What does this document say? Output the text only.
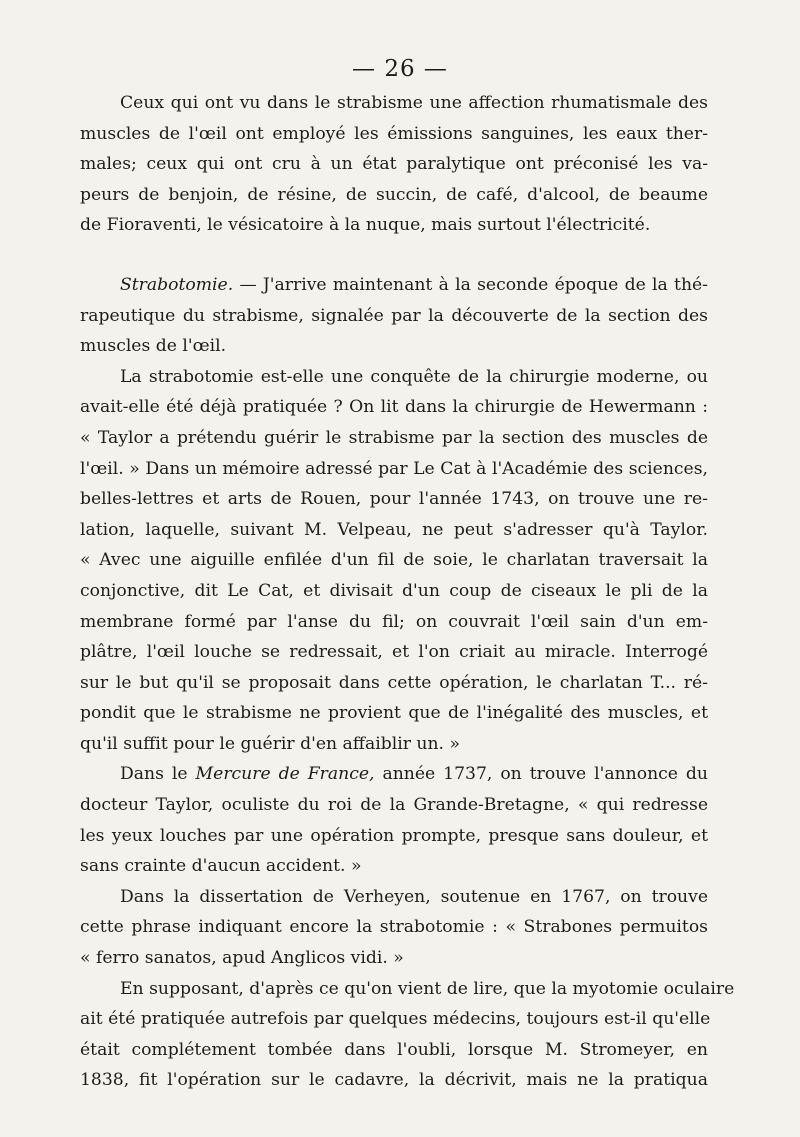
— 26 —
Ceux qui ont vu dans le strabisme une affection rhumatismale des
muscles de l'œil ont employé les émissions sanguines, les eaux ther-
males; ceux qui ont cru à un état paralytique ont préconisé les va-
peurs de benjoin, de résine, de succin, de café, d'alcool, de beaume
de Fioraventi, le vésicatoire à la nuque, mais surtout l'électricité.
Strabotomie. — J'arrive maintenant à la seconde époque de la thé-
rapeutique du strabisme, signalée par la découverte de la section des
muscles de l'œil.
La strabotomie est-elle une conquête de la chirurgie moderne, ou
avait-elle été déjà pratiquée ? On lit dans la chirurgie de Hewermann :
« Taylor a prétendu guérir le strabisme par la section des muscles de
l'œil. » Dans un mémoire adressé par Le Cat à l'Académie des sciences,
belles-lettres et arts de Rouen, pour l'année 1743, on trouve une re-
lation, laquelle, suivant M. Velpeau, ne peut s'adresser qu'à Taylor.
« Avec une aiguille enfilée d'un fil de soie, le charlatan traversait la
conjonctive, dit Le Cat, et divisait d'un coup de ciseaux le pli de la
membrane formé par l'anse du fil; on couvrait l'œil sain d'un em-
plâtre, l'œil louche se redressait, et l'on criait au miracle. Interrogé
sur le but qu'il se proposait dans cette opération, le charlatan T... ré-
pondit que le strabisme ne provient que de l'inégalité des muscles, et
qu'il suffit pour le guérir d'en affaiblir un. »
Dans le Mercure de France, année 1737, on trouve l'annonce du
docteur Taylor, oculiste du roi de la Grande-Bretagne, « qui redresse
les yeux louches par une opération prompte, presque sans douleur, et
sans crainte d'aucun accident. »
Dans la dissertation de Verheyen, soutenue en 1767, on trouve
cette phrase indiquant encore la strabotomie : « Strabones permuitos
« ferro sanatos, apud Anglicos vidi. »
En supposant, d'après ce qu'on vient de lire, que la myotomie oculaire
ait été pratiquée autrefois par quelques médecins, toujours est-il qu'elle
était complétement tombée dans l'oubli, lorsque M. Stromeyer, en
1838, fit l'opération sur le cadavre, la décrivit, mais ne la pratiqua
